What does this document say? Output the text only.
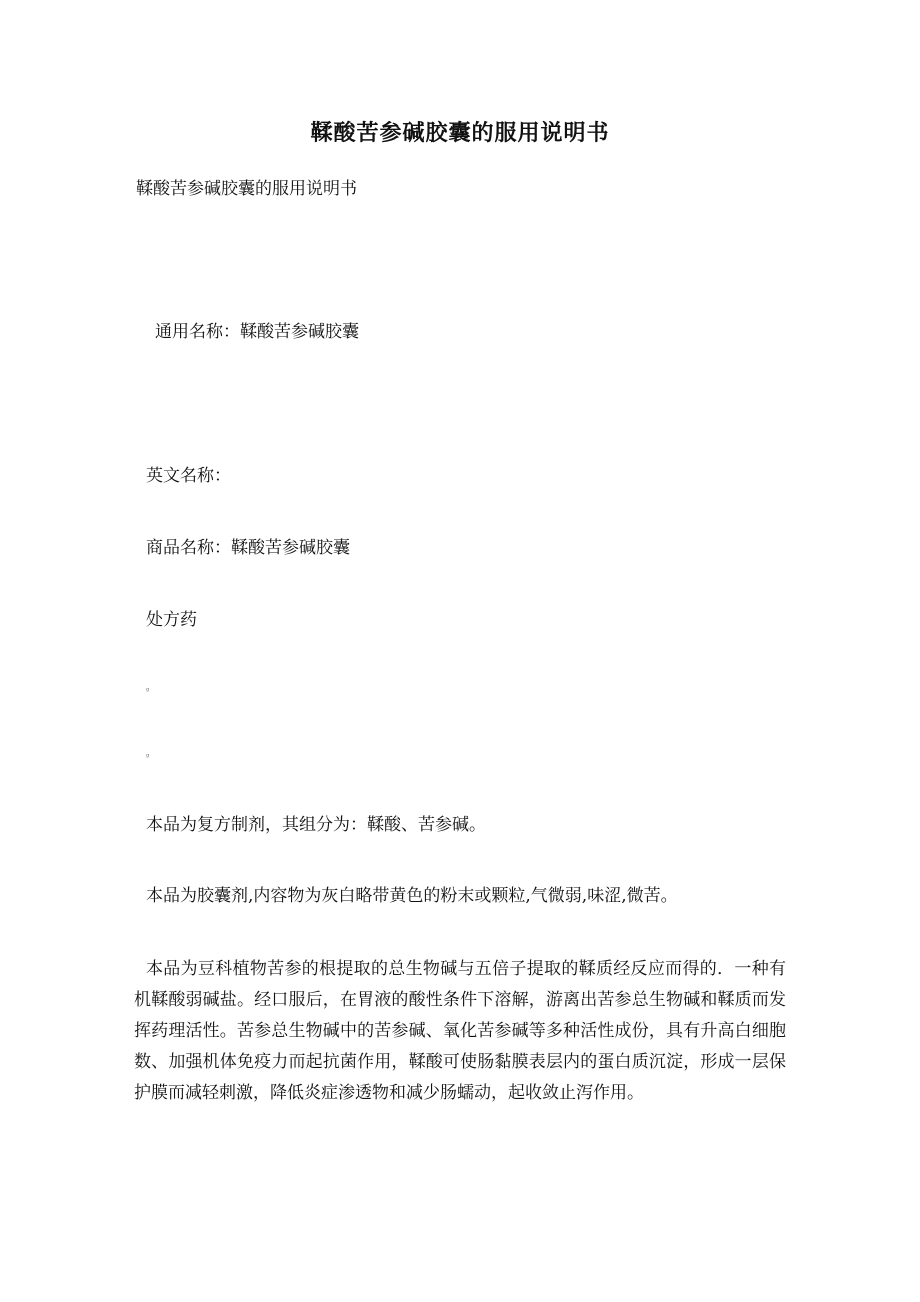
鞣酸苦参碱胶囊的服用说明书
鞣酸苦参碱胶囊的服用说明书
通用名称：鞣酸苦参碱胶囊
英文名称：
商品名称：鞣酸苦参碱胶囊
处方药
ᵍ
ᵍ
本品为复方制剂，其组分为：鞣酸、苦参碱。
本品为胶囊剂,内容物为灰白略带黄色的粉末或颗粒,气微弱,味涩,微苦。
本品为豆科植物苦参的根提取的总生物碱与五倍子提取的鞣质经反应而得的．一种有机鞣酸弱碱盐。经口服后，在胃液的酸性条件下溶解，游离出苦参总生物碱和鞣质而发挥药理活性。苦参总生物碱中的苦参碱、氧化苦参碱等多种活性成份，具有升高白细胞数、加强机体免疫力而起抗菌作用，鞣酸可使肠黏膜表层内的蛋白质沉淀，形成一层保护膜而减轻刺激，降低炎症渗透物和减少肠蠕动，起收敛止泻作用。
